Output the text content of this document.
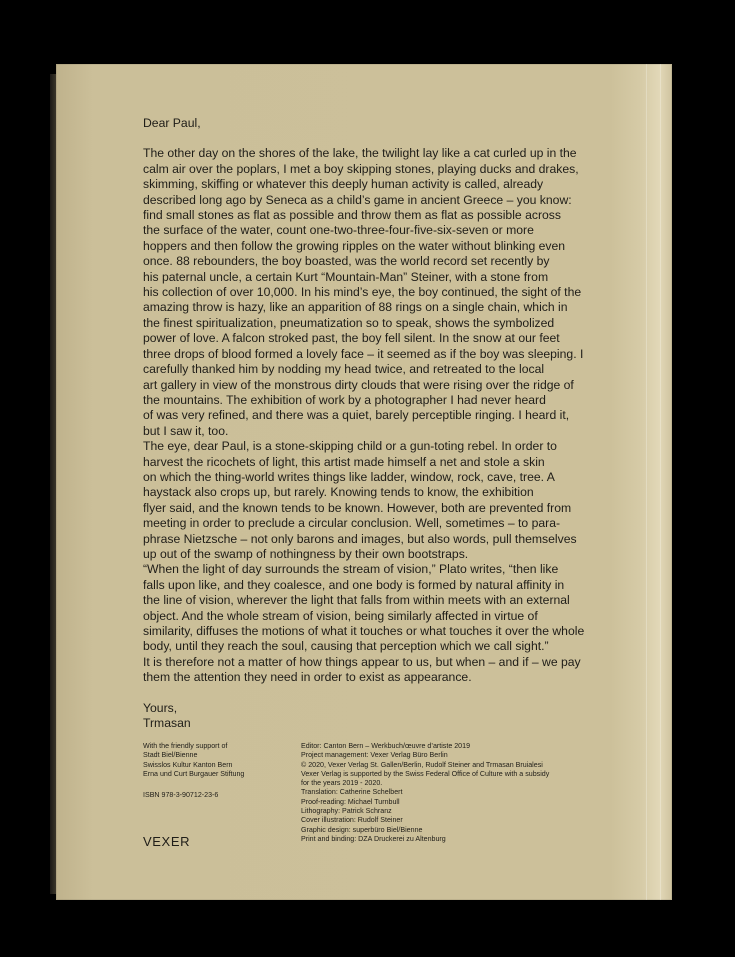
Dear Paul,

The other day on the shores of the lake, the twilight lay like a cat curled up in the

calm air over the poplars, I met a boy skipping stones, playing ducks and drakes,

skimming, skiffing or whatever this deeply human activity is called, already

described long ago by Seneca as a child’s game in ancient Greece – you know:

find small stones as flat as possible and throw them as flat as possible across

the surface of the water, count one-two-three-four-five-six-seven or more

hoppers and then follow the growing ripples on the water without blinking even

once. 88 rebounders, the boy boasted, was the world record set recently by

his paternal uncle, a certain Kurt “Mountain-Man” Steiner, with a stone from

his collection of over 10,000. In his mind’s eye, the boy continued, the sight of the

amazing throw is hazy, like an apparition of 88 rings on a single chain, which in

the finest spiritualization, pneumatization so to speak, shows the symbolized

power of love. A falcon stroked past, the boy fell silent. In the snow at our feet

three drops of blood formed a lovely face – it seemed as if the boy was sleeping. I

carefully thanked him by nodding my head twice, and retreated to the local

art gallery in view of the monstrous dirty clouds that were rising over the ridge of

the mountains. The exhibition of work by a photographer I had never heard

of was very refined, and there was a quiet, barely perceptible ringing. I heard it,

but I saw it, too.

The eye, dear Paul, is a stone-skipping child or a gun-toting rebel. In order to

harvest the ricochets of light, this artist made himself a net and stole a skin

on which the thing-world writes things like ladder, window, rock, cave, tree. A

haystack also crops up, but rarely. Knowing tends to know, the exhibition

flyer said, and the known tends to be known. However, both are prevented from

meeting in order to preclude a circular conclusion. Well, sometimes – to para-

phrase Nietzsche – not only barons and images, but also words, pull themselves

up out of the swamp of nothingness by their own bootstraps.

“When the light of day surrounds the stream of vision,” Plato writes, “then like

falls upon like, and they coalesce, and one body is formed by natural affinity in

the line of vision, wherever the light that falls from within meets with an external

object. And the whole stream of vision, being similarly affected in virtue of

similarity, diffuses the motions of what it touches or what touches it over the whole

body, until they reach the soul, causing that perception which we call sight.”

It is therefore not a matter of how things appear to us, but when – and if – we pay

them the attention they need in order to exist as appearance.

Yours,
Trmasan
With the friendly support of
Stadt Biel/Bienne
Swisslos Kultur Kanton Bern
Erna und Curt Burgauer Stiftung
ISBN 978-3-90712-23-6
Editor: Canton Bern – Werkbuch/œuvre d’artiste 2019
Project management: Vexer Verlag Büro Berlin
© 2020, Vexer Verlag St. Gallen/Berlin, Rudolf Steiner and Trmasan Bruialesi
Vexer Verlag is supported by the Swiss Federal Office of Culture with a subsidy
for the years 2019 - 2020.
Translation: Catherine Schelbert
Proof-reading: Michael Turnbull
Lithography: Patrick Schranz
Cover illustration: Rudolf Steiner
Graphic design: superbüro Biel/Bienne
Print and binding: DZA Druckerei zu Altenburg
VEXER
